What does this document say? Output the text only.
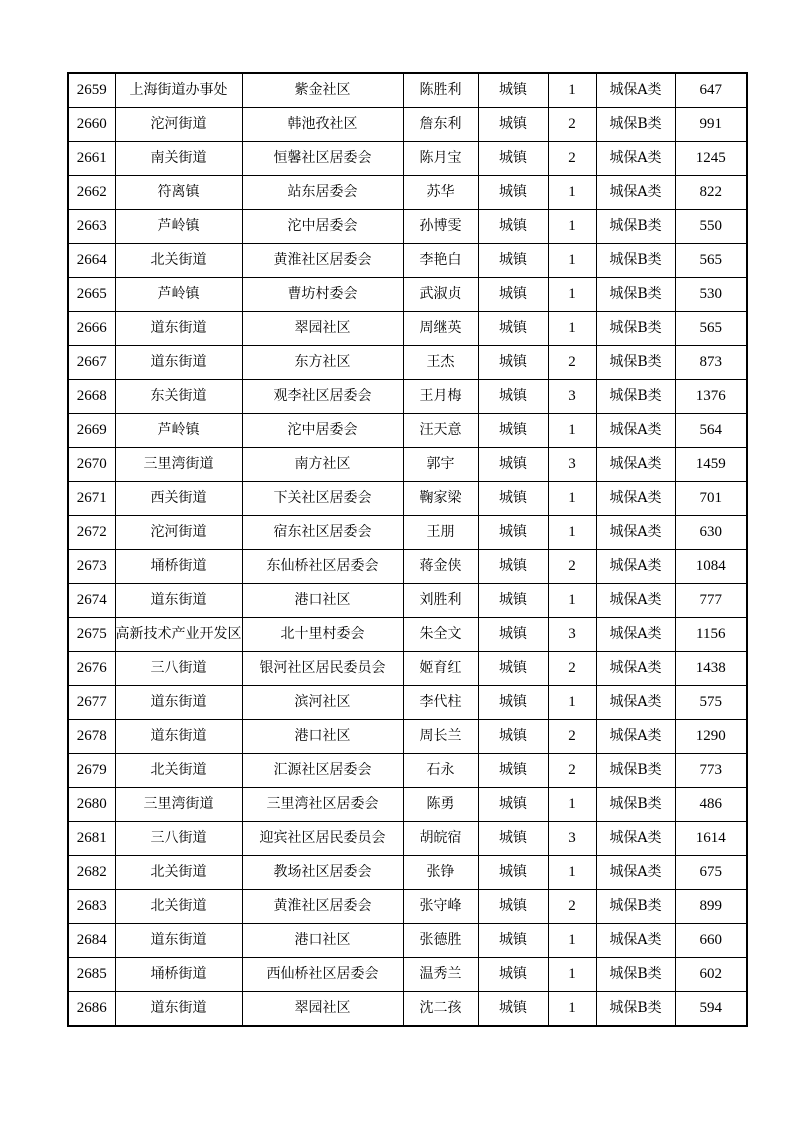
2659	上海街道办事处	紫金社区	陈胜利	城镇	1	城保A类	647
2660	沱河街道	韩池孜社区	詹东利	城镇	2	城保B类	991
2661	南关街道	恒馨社区居委会	陈月宝	城镇	2	城保A类	1245
2662	符离镇	站东居委会	苏华	城镇	1	城保A类	822
2663	芦岭镇	沱中居委会	孙博雯	城镇	1	城保B类	550
2664	北关街道	黄淮社区居委会	李艳白	城镇	1	城保B类	565
2665	芦岭镇	曹坊村委会	武淑贞	城镇	1	城保B类	530
2666	道东街道	翠园社区	周继英	城镇	1	城保B类	565
2667	道东街道	东方社区	王杰	城镇	2	城保B类	873
2668	东关街道	观李社区居委会	王月梅	城镇	3	城保B类	1376
2669	芦岭镇	沱中居委会	汪天意	城镇	1	城保A类	564
2670	三里湾街道	南方社区	郭宇	城镇	3	城保A类	1459
2671	西关街道	下关社区居委会	鞠家梁	城镇	1	城保A类	701
2672	沱河街道	宿东社区居委会	王朋	城镇	1	城保A类	630
2673	埇桥街道	东仙桥社区居委会	蒋金侠	城镇	2	城保A类	1084
2674	道东街道	港口社区	刘胜利	城镇	1	城保A类	777
2675	高新技术产业开发区	北十里村委会	朱全文	城镇	3	城保A类	1156
2676	三八街道	银河社区居民委员会	姬育红	城镇	2	城保A类	1438
2677	道东街道	滨河社区	李代柱	城镇	1	城保A类	575
2678	道东街道	港口社区	周长兰	城镇	2	城保A类	1290
2679	北关街道	汇源社区居委会	石永	城镇	2	城保B类	773
2680	三里湾街道	三里湾社区居委会	陈勇	城镇	1	城保B类	486
2681	三八街道	迎宾社区居民委员会	胡皖宿	城镇	3	城保A类	1614
2682	北关街道	教场社区居委会	张铮	城镇	1	城保A类	675
2683	北关街道	黄淮社区居委会	张守峰	城镇	2	城保B类	899
2684	道东街道	港口社区	张德胜	城镇	1	城保A类	660
2685	埇桥街道	西仙桥社区居委会	温秀兰	城镇	1	城保B类	602
2686	道东街道	翠园社区	沈二孩	城镇	1	城保B类	594
